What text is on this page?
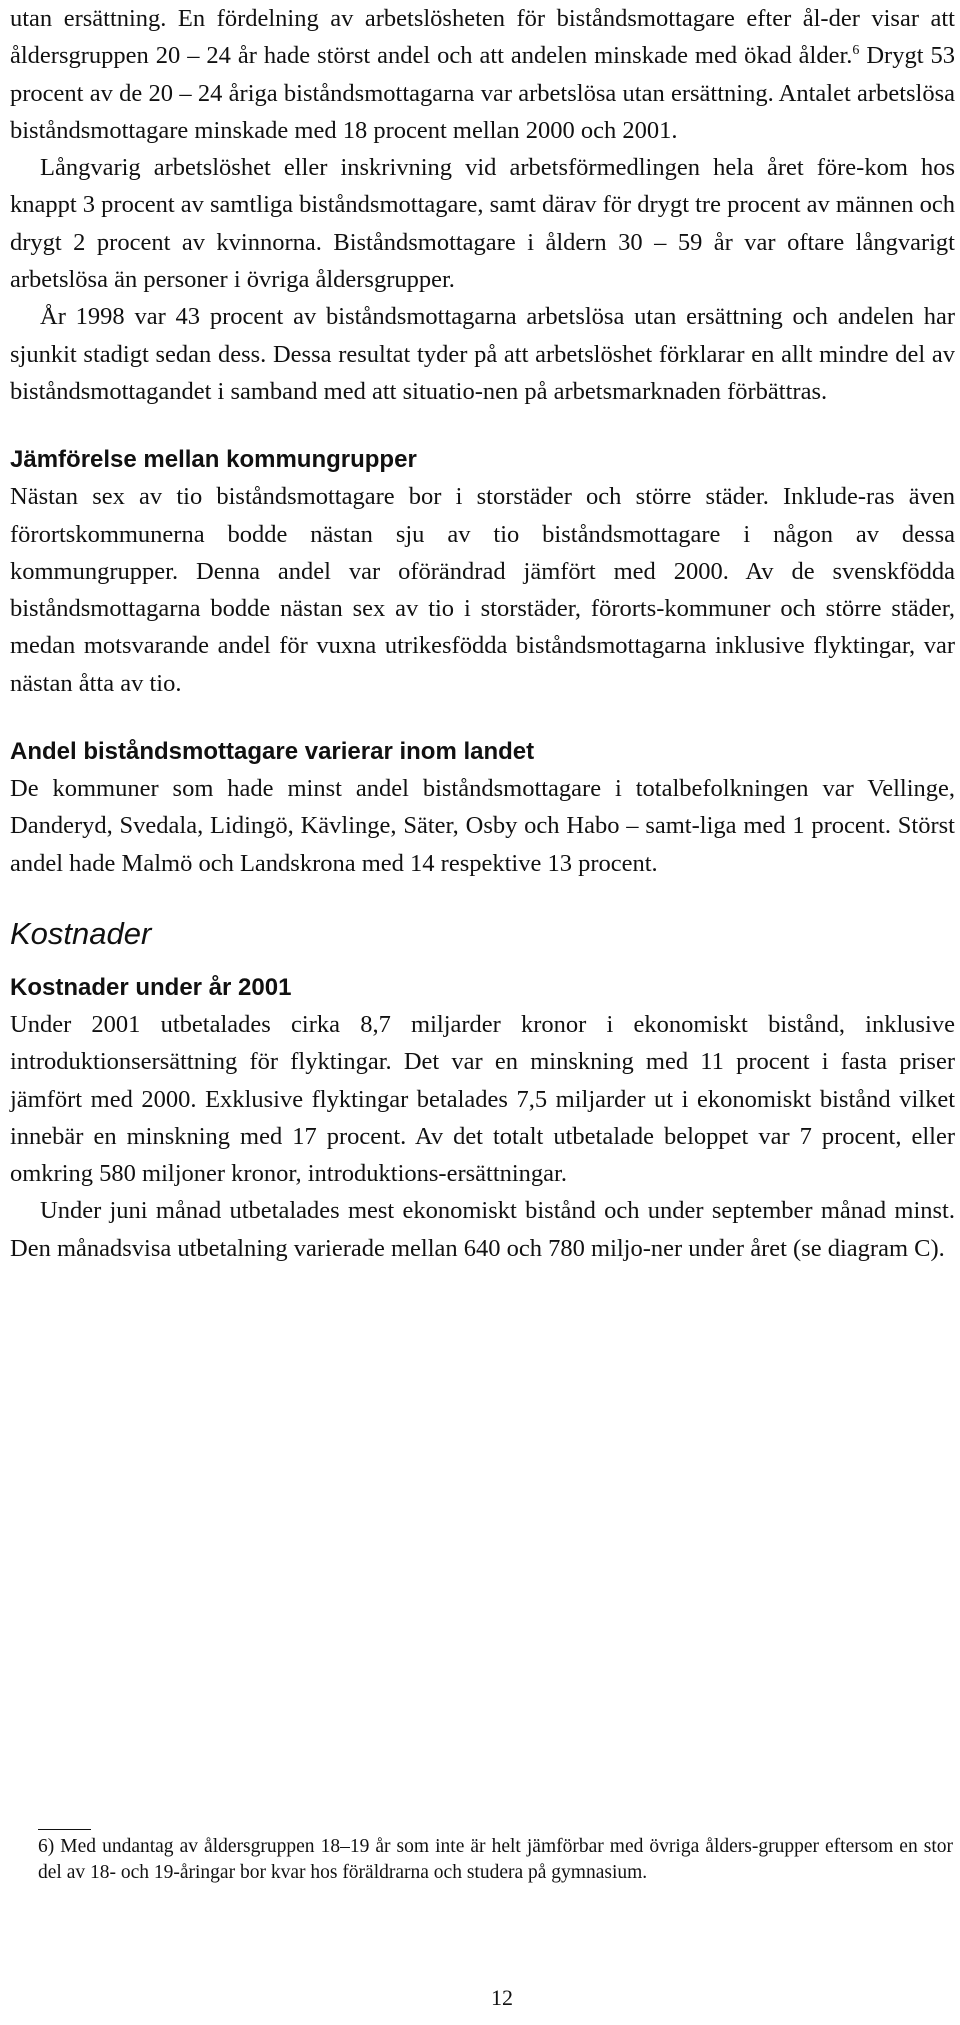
utan ersättning. En fördelning av arbetslösheten för biståndsmottagare efter ål-der visar att åldersgruppen 20 – 24 år hade störst andel och att andelen minskade med ökad ålder.$^6$ Drygt 53 procent av de 20 – 24 åriga biståndsmottagarna var arbetslösa utan ersättning. Antalet arbetslösa biståndsmottagare minskade med 18 procent mellan 2000 och 2001.

Långvarig arbetslöshet eller inskrivning vid arbetsförmedlingen hela året före-kom hos knappt 3 procent av samtliga biståndsmottagare, samt därav för drygt tre procent av männen och drygt 2 procent av kvinnorna. Biståndsmottagare i åldern 30 – 59 år var oftare långvarigt arbetslösa än personer i övriga åldersgrupper.

År 1998 var 43 procent av biståndsmottagarna arbetslösa utan ersättning och andelen har sjunkit stadigt sedan dess. Dessa resultat tyder på att arbetslöshet förklarar en allt mindre del av biståndsmottagandet i samband med att situatio-nen på arbetsmarknaden förbättras.

Jämförelse mellan kommungrupper

Nästan sex av tio biståndsmottagare bor i storstäder och större städer. Inklude-ras även förortskommunerna bodde nästan sju av tio biståndsmottagare i någon av dessa kommungrupper. Denna andel var oförändrad jämfört med 2000. Av de svenskfödda biståndsmottagarna bodde nästan sex av tio i storstäder, förorts-kommuner och större städer, medan motsvarande andel för vuxna utrikesfödda biståndsmottagarna inklusive flyktingar, var nästan åtta av tio.

Andel biståndsmottagare varierar inom landet

De kommuner som hade minst andel biståndsmottagare i totalbefolkningen var Vellinge, Danderyd, Svedala, Lidingö, Kävlinge, Säter, Osby och Habo – samt-liga med 1 procent. Störst andel hade Malmö och Landskrona med 14 respektive 13 procent.

Kostnader
Kostnader under år 2001

Under 2001 utbetalades cirka 8,7 miljarder kronor i ekonomiskt bistånd, inklusive introduktionsersättning för flyktingar. Det var en minskning med 11 procent i fasta priser jämfört med 2000. Exklusive flyktingar betalades 7,5 miljarder ut i ekonomiskt bistånd vilket innebär en minskning med 17 procent. Av det totalt utbetalade beloppet var 7 procent, eller omkring 580 miljoner kronor, introduktions-ersättningar.

Under juni månad utbetalades mest ekonomiskt bistånd och under september månad minst. Den månadsvisa utbetalning varierade mellan 640 och 780 miljo-ner under året (se diagram C).

6) Med undantag av åldersgruppen 18–19 år som inte är helt jämförbar med övriga ålders-grupper eftersom en stor del av 18- och 19-åringar bor kvar hos föräldrarna och studera på gymnasium.

12
